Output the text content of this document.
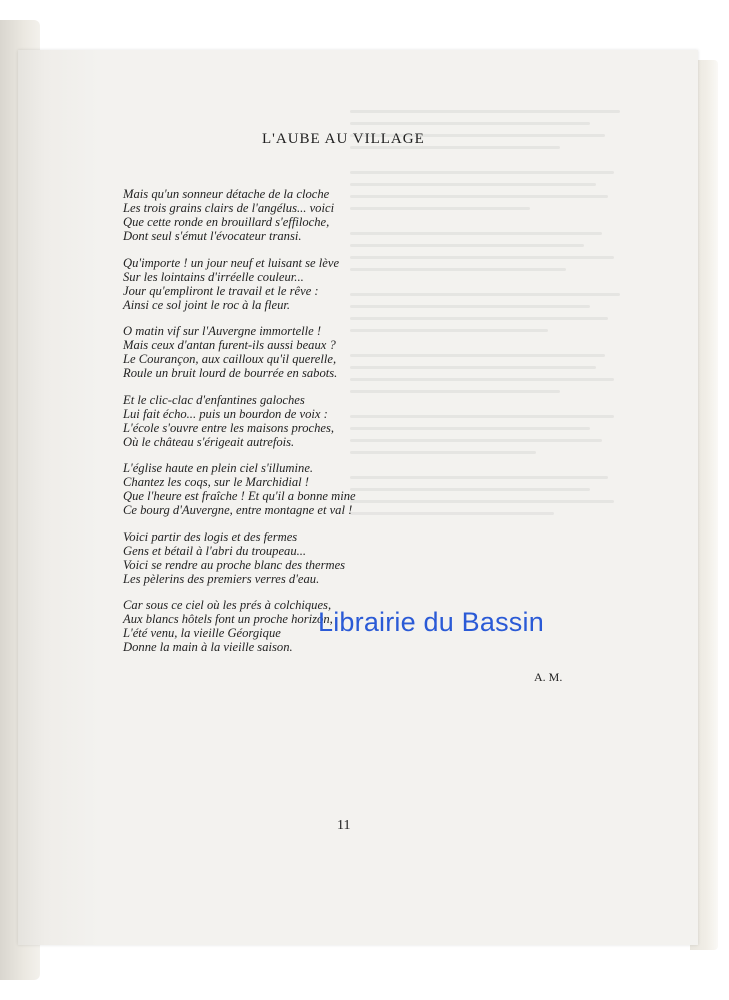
L'AUBE AU VILLAGE
Mais qu'un sonneur détache de la cloche
Les trois grains clairs de l'angélus... voici
Que cette ronde en brouillard s'effiloche,
Dont seul s'émut l'évocateur transi.
Qu'importe ! un jour neuf et luisant se lève
Sur les lointains d'irréelle couleur...
Jour qu'empliront le travail et le rêve :
Ainsi ce sol joint le roc à la fleur.
O matin vif sur l'Auvergne immortelle !
Mais ceux d'antan furent-ils aussi beaux ?
Le Courançon, aux cailloux qu'il querelle,
Roule un bruit lourd de bourrée en sabots.
Et le clic-clac d'enfantines galoches
Lui fait écho... puis un bourdon de voix :
L'école s'ouvre entre les maisons proches,
Où le château s'érigeait autrefois.
L'église haute en plein ciel s'illumine.
Chantez les coqs, sur le Marchidial !
Que l'heure est fraîche ! Et qu'il a bonne mine
Ce bourg d'Auvergne, entre montagne et val !
Voici partir des logis et des fermes
Gens et bétail à l'abri du troupeau...
Voici se rendre au proche blanc des thermes
Les pèlerins des premiers verres d'eau.
Car sous ce ciel où les prés à colchiques,
Aux blancs hôtels font un proche horizon,
L'été venu, la vieille Géorgique
Donne la main à la vieille saison.
A. M.
11
Librairie du Bassin
